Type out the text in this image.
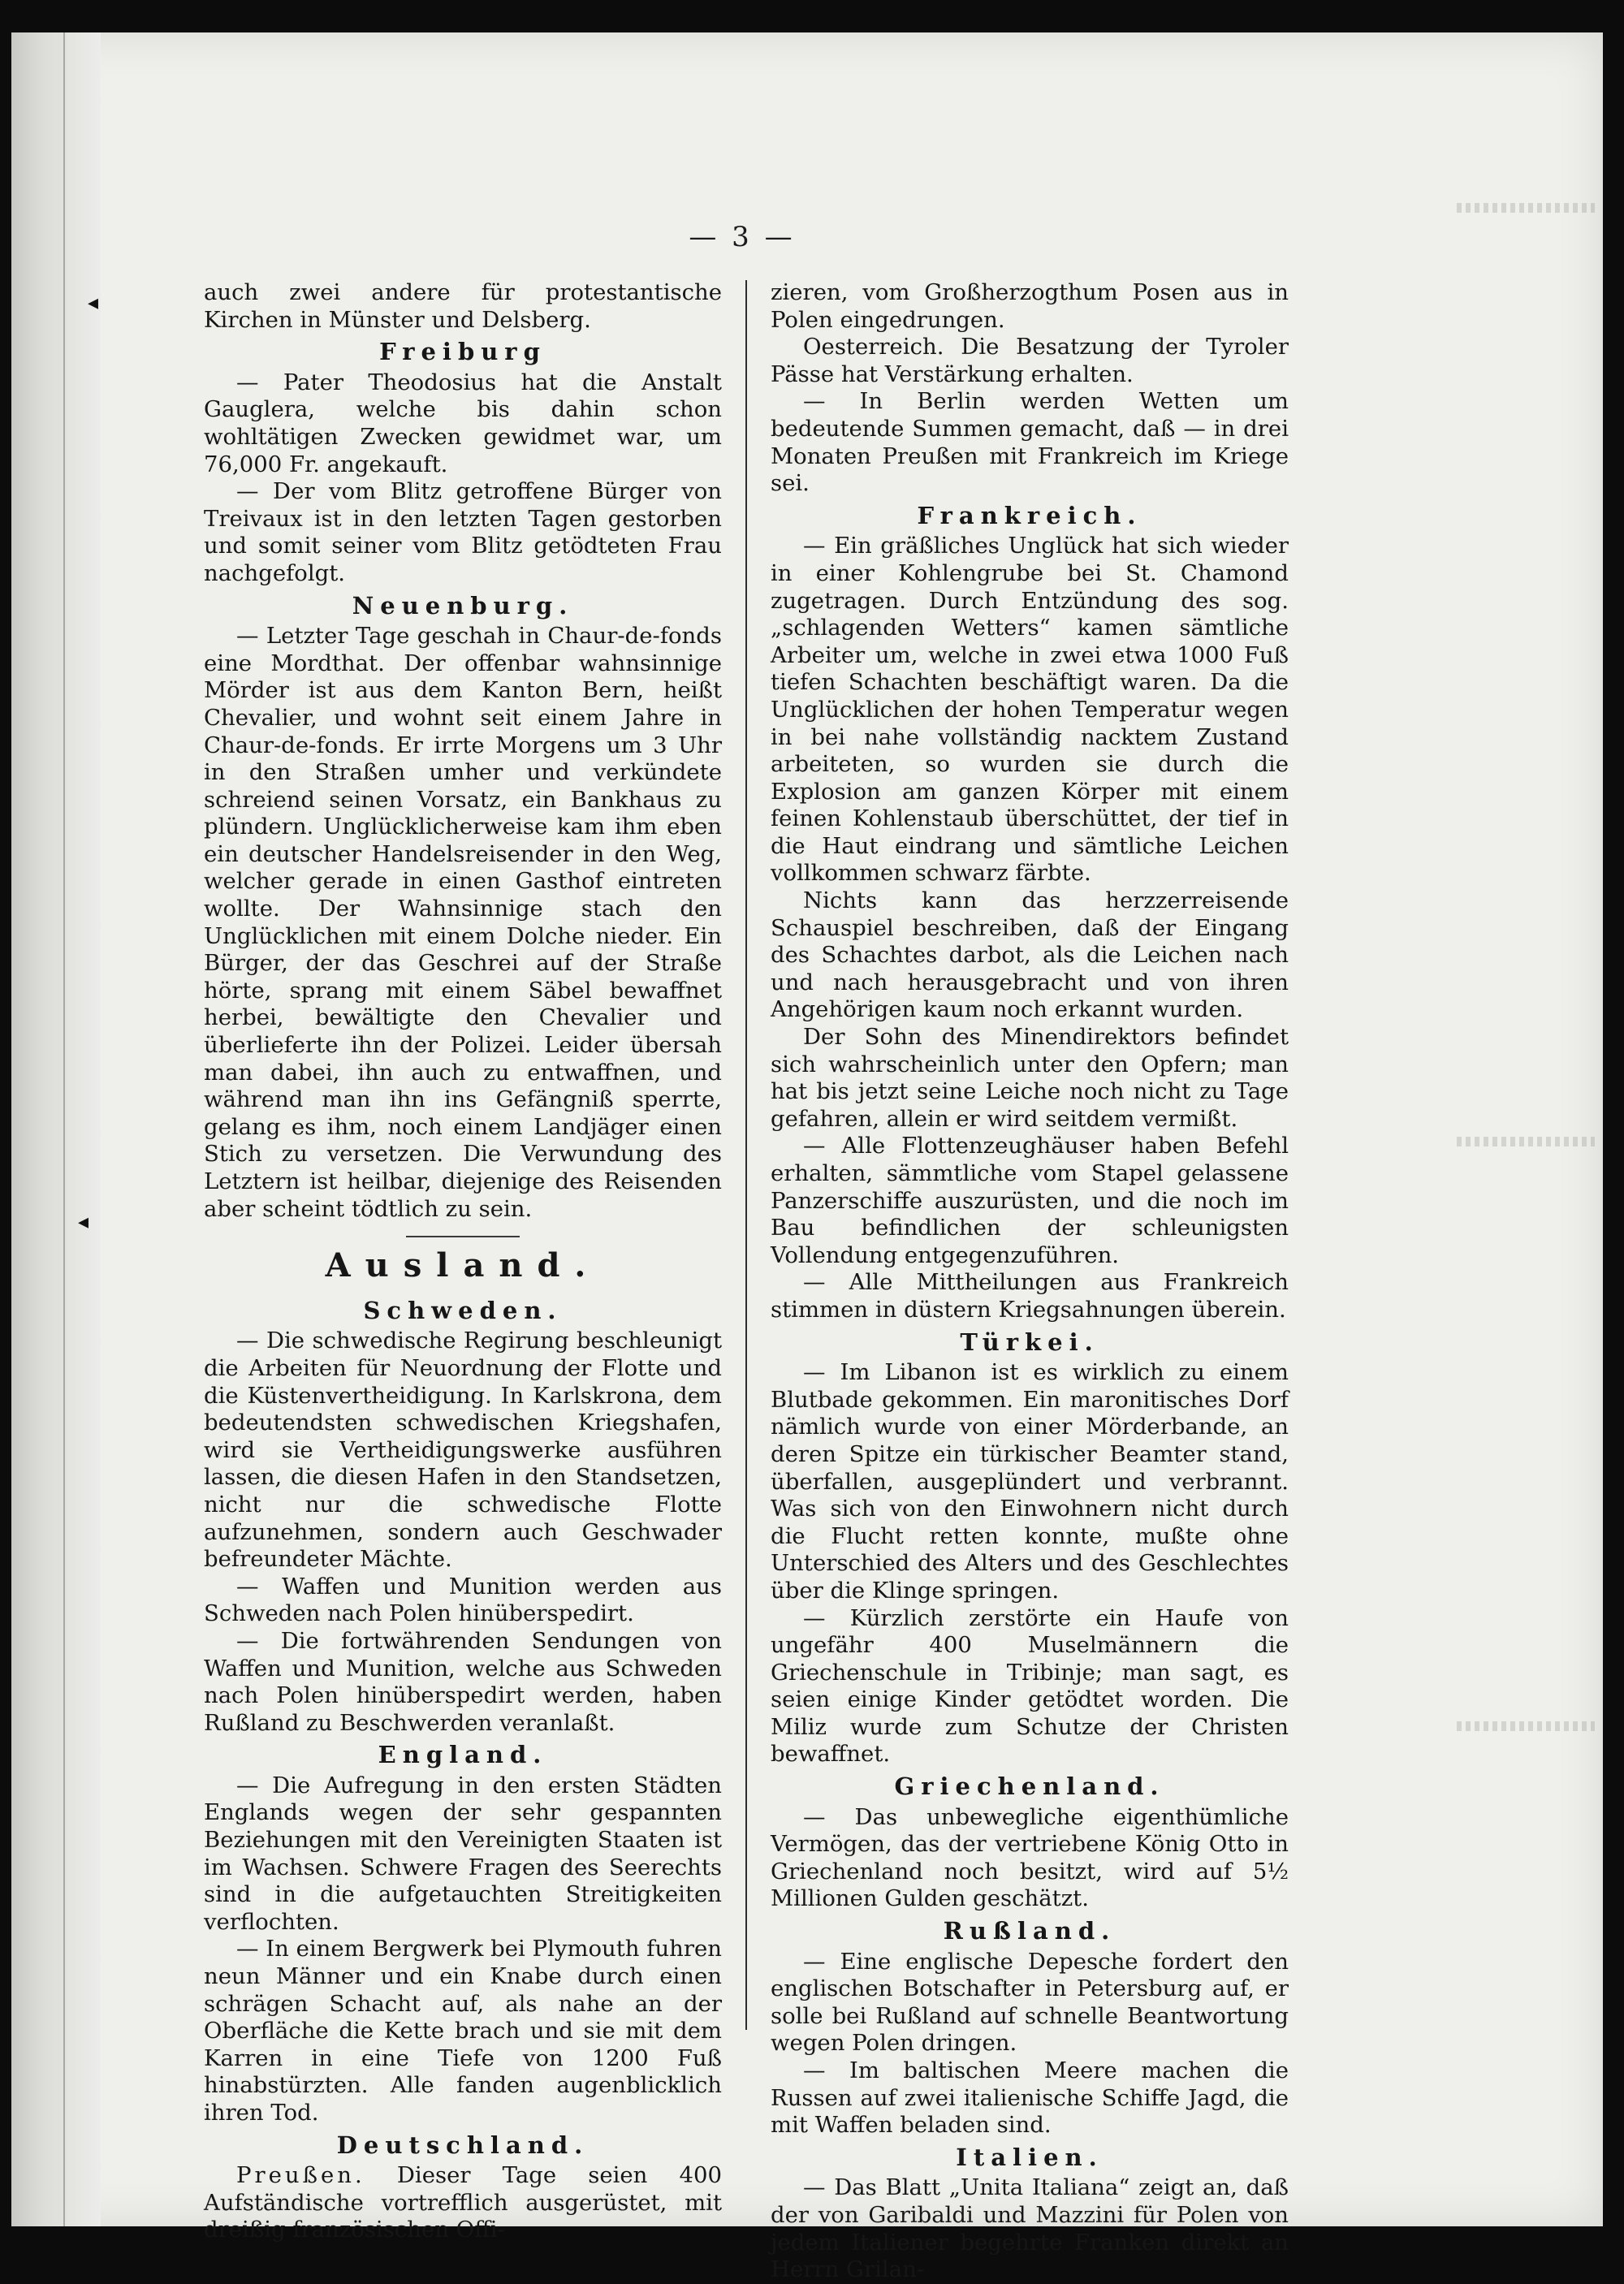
◂
◂
— 3 —

auch zwei andere für protestantische Kirchen in Münster und Delsberg.

Freiburg

— Pater Theodosius hat die Anstalt Gauglera, welche bis dahin schon wohltätigen Zwecken gewidmet war, um 76,000 Fr. angekauft.

— Der vom Blitz getroffene Bürger von Treivaux ist in den letzten Tagen gestorben und somit seiner vom Blitz getödteten Frau nachgefolgt.

Neuenburg.

— Letzter Tage geschah in Chaur-de-fonds eine Mordthat. Der offenbar wahnsinnige Mörder ist aus dem Kanton Bern, heißt Chevalier, und wohnt seit einem Jahre in Chaur-de-fonds. Er irrte Morgens um 3 Uhr in den Straßen umher und verkündete schreiend seinen Vorsatz, ein Bankhaus zu plündern. Unglücklicherweise kam ihm eben ein deutscher Handelsreisender in den Weg, welcher gerade in einen Gasthof eintreten wollte. Der Wahnsinnige stach den Unglücklichen mit einem Dolche nieder. Ein Bürger, der das Geschrei auf der Straße hörte, sprang mit einem Säbel bewaffnet herbei, bewältigte den Chevalier und überlieferte ihn der Polizei. Leider übersah man dabei, ihn auch zu entwaffnen, und während man ihn ins Gefängniß sperrte, gelang es ihm, noch einem Landjäger einen Stich zu versetzen. Die Verwundung des Letztern ist heilbar, diejenige des Reisenden aber scheint tödtlich zu sein.

Ausland.
Schweden.

— Die schwedische Regirung beschleunigt die Arbeiten für Neuordnung der Flotte und die Küstenvertheidigung. In Karlskrona, dem bedeutendsten schwedischen Kriegshafen, wird sie Vertheidigungswerke ausführen lassen, die diesen Hafen in den Standsetzen, nicht nur die schwedische Flotte aufzunehmen, sondern auch Geschwader befreundeter Mächte.

— Waffen und Munition werden aus Schweden nach Polen hinüberspedirt.

— Die fortwährenden Sendungen von Waffen und Munition, welche aus Schweden nach Polen hinüberspedirt werden, haben Rußland zu Beschwerden veranlaßt.

England.

— Die Aufregung in den ersten Städten Englands wegen der sehr gespannten Beziehungen mit den Vereinigten Staaten ist im Wachsen. Schwere Fragen des Seerechts sind in die aufgetauchten Streitigkeiten verflochten.

— In einem Bergwerk bei Plymouth fuhren neun Männer und ein Knabe durch einen schrägen Schacht auf, als nahe an der Oberfläche die Kette brach und sie mit dem Karren in eine Tiefe von 1200 Fuß hinabstürzten. Alle fanden augenblicklich ihren Tod.

Deutschland.

Preußen. Dieser Tage seien 400 Aufständische vortrefflich ausgerüstet, mit dreißig französischen Offi-

zieren, vom Großherzogthum Posen aus in Polen eingedrungen.

Oesterreich. Die Besatzung der Tyroler Pässe hat Verstärkung erhalten.

— In Berlin werden Wetten um bedeutende Summen gemacht, daß — in drei Monaten Preußen mit Frankreich im Kriege sei.

Frankreich.

— Ein gräßliches Unglück hat sich wieder in einer Kohlengrube bei St. Chamond zugetragen. Durch Entzündung des sog. „schlagenden Wetters“ kamen sämtliche Arbeiter um, welche in zwei etwa 1000 Fuß tiefen Schachten beschäftigt waren. Da die Unglücklichen der hohen Temperatur wegen in bei nahe vollständig nacktem Zustand arbeiteten, so wurden sie durch die Explosion am ganzen Körper mit einem feinen Kohlenstaub überschüttet, der tief in die Haut eindrang und sämtliche Leichen vollkommen schwarz färbte.

Nichts kann das herzzerreisende Schauspiel beschreiben, daß der Eingang des Schachtes darbot, als die Leichen nach und nach herausgebracht und von ihren Angehörigen kaum noch erkannt wurden.

Der Sohn des Minendirektors befindet sich wahrscheinlich unter den Opfern; man hat bis jetzt seine Leiche noch nicht zu Tage gefahren, allein er wird seitdem vermißt.

— Alle Flottenzeughäuser haben Befehl erhalten, sämmtliche vom Stapel gelassene Panzerschiffe auszurüsten, und die noch im Bau befindlichen der schleunigsten Vollendung entgegenzuführen.

— Alle Mittheilungen aus Frankreich stimmen in düstern Kriegsahnungen überein.

Türkei.

— Im Libanon ist es wirklich zu einem Blutbade gekommen. Ein maronitisches Dorf nämlich wurde von einer Mörderbande, an deren Spitze ein türkischer Beamter stand, überfallen, ausgeplündert und verbrannt. Was sich von den Einwohnern nicht durch die Flucht retten konnte, mußte ohne Unterschied des Alters und des Geschlechtes über die Klinge springen.

— Kürzlich zerstörte ein Haufe von ungefähr 400 Muselmännern die Griechenschule in Tribinje; man sagt, es seien einige Kinder getödtet worden. Die Miliz wurde zum Schutze der Christen bewaffnet.

Griechenland.

— Das unbewegliche eigenthümliche Vermögen, das der vertriebene König Otto in Griechenland noch besitzt, wird auf 5½ Millionen Gulden geschätzt.

Rußland.

— Eine englische Depesche fordert den englischen Botschafter in Petersburg auf, er solle bei Rußland auf schnelle Beantwortung wegen Polen dringen.

— Im baltischen Meere machen die Russen auf zwei italienische Schiffe Jagd, die mit Waffen beladen sind.

Italien.

— Das Blatt „Unita Italiana“ zeigt an, daß der von Garibaldi und Mazzini für Polen von jedem Italiener begehrte Franken direkt an Herrn Grilan-
